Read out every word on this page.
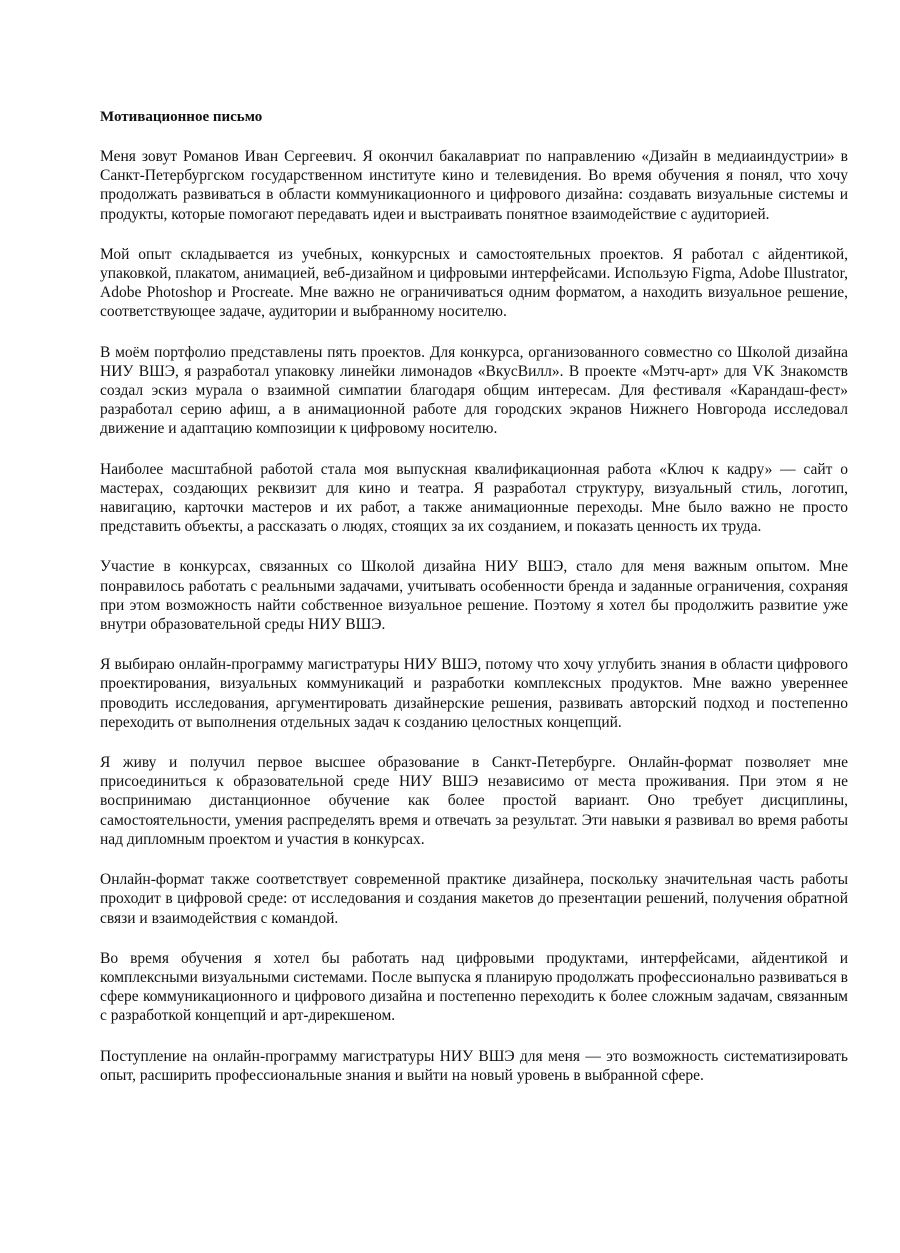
Мотивационное письмо

Меня зовут Романов Иван Сергеевич. Я окончил бакалавриат по направлению «Дизайн в медиаиндустрии» в Санкт-Петербургском государственном институте кино и телевидения. Во время обучения я понял, что хочу продолжать развиваться в области коммуникационного и цифрового дизайна: создавать визуальные системы и продукты, которые помогают передавать идеи и выстраивать понятное взаимодействие с аудиторией.

Мой опыт складывается из учебных, конкурсных и самостоятельных проектов. Я работал с айдентикой, упаковкой, плакатом, анимацией, веб-дизайном и цифровыми интерфейсами. Использую Figma, Adobe Illustrator, Adobe Photoshop и Procreate. Мне важно не ограничиваться одним форматом, а находить визуальное решение, соответствующее задаче, аудитории и выбранному носителю.

В моём портфолио представлены пять проектов. Для конкурса, организованного совместно со Школой дизайна НИУ ВШЭ, я разработал упаковку линейки лимонадов «ВкусВилл». В проекте «Мэтч-арт» для VK Знакомств создал эскиз мурала о взаимной симпатии благодаря общим интересам. Для фестиваля «Карандаш-фест» разработал серию афиш, а в анимационной работе для городских экранов Нижнего Новгорода исследовал движение и адаптацию композиции к цифровому носителю.

Наиболее масштабной работой стала моя выпускная квалификационная работа «Ключ к кадру» — сайт о мастерах, создающих реквизит для кино и театра. Я разработал структуру, визуальный стиль, логотип, навигацию, карточки мастеров и их работ, а также анимационные переходы. Мне было важно не просто представить объекты, а рассказать о людях, стоящих за их созданием, и показать ценность их труда.

Участие в конкурсах, связанных со Школой дизайна НИУ ВШЭ, стало для меня важным опытом. Мне понравилось работать с реальными задачами, учитывать особенности бренда и заданные ограничения, сохраняя при этом возможность найти собственное визуальное решение. Поэтому я хотел бы продолжить развитие уже внутри образовательной среды НИУ ВШЭ.

Я выбираю онлайн-программу магистратуры НИУ ВШЭ, потому что хочу углубить знания в области цифрового проектирования, визуальных коммуникаций и разработки комплексных продуктов. Мне важно увереннее проводить исследования, аргументировать дизайнерские решения, развивать авторский подход и постепенно переходить от выполнения отдельных задач к созданию целостных концепций.

Я живу и получил первое высшее образование в Санкт-Петербурге. Онлайн-формат позволяет мне присоединиться к образовательной среде НИУ ВШЭ независимо от места проживания. При этом я не воспринимаю дистанционное обучение как более простой вариант. Оно требует дисциплины, самостоятельности, умения распределять время и отвечать за результат. Эти навыки я развивал во время работы над дипломным проектом и участия в конкурсах.

Онлайн-формат также соответствует современной практике дизайнера, поскольку значительная часть работы проходит в цифровой среде: от исследования и создания макетов до презентации решений, получения обратной связи и взаимодействия с командой.

Во время обучения я хотел бы работать над цифровыми продуктами, интерфейсами, айдентикой и комплексными визуальными системами. После выпуска я планирую продолжать профессионально развиваться в сфере коммуникационного и цифрового дизайна и постепенно переходить к более сложным задачам, связанным с разработкой концепций и арт-дирекшеном.

Поступление на онлайн-программу магистратуры НИУ ВШЭ для меня — это возможность систематизировать опыт, расширить профессиональные знания и выйти на новый уровень в выбранной сфере.
